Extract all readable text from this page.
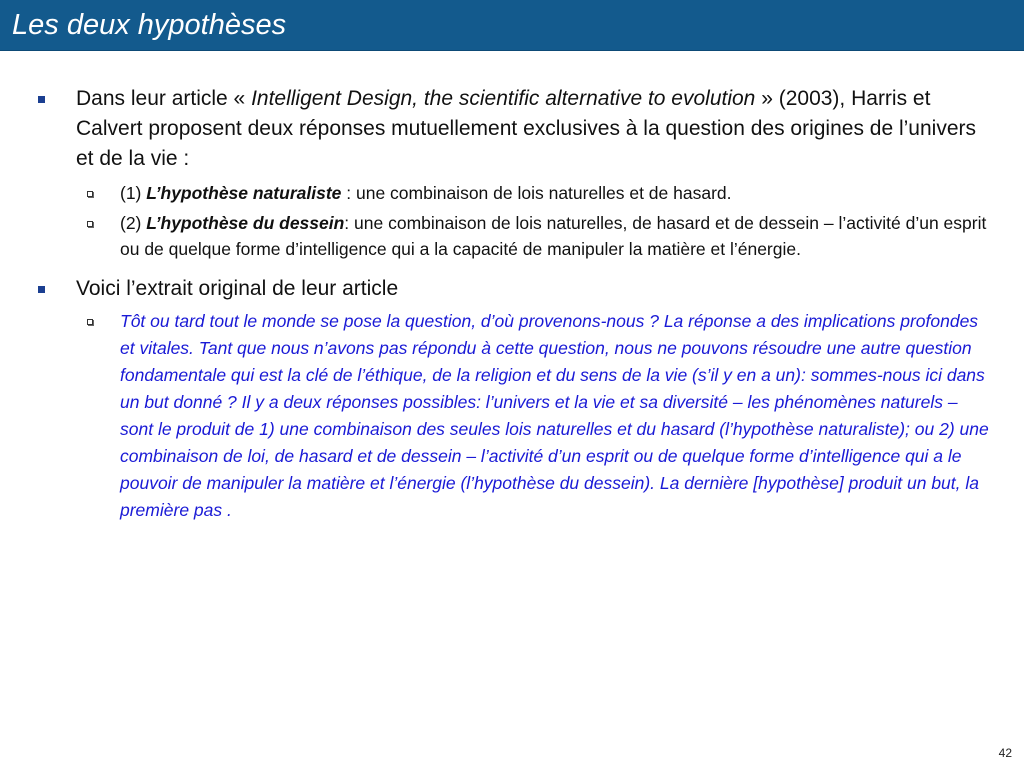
Les deux hypothèses
Dans leur article « Intelligent Design, the scientific alternative to evolution » (2003), Harris et Calvert proposent deux réponses mutuellement exclusives à la question des origines de l’univers et de la vie :
(1) L’hypothèse naturaliste : une combinaison de lois naturelles et de hasard.
(2) L’hypothèse du dessein: une combinaison de lois naturelles, de hasard et de dessein – l’activité d’un esprit ou de quelque forme d’intelligence qui a la capacité de manipuler la matière et l’énergie.
Voici l’extrait original de leur article
Tôt ou tard tout le monde se pose la question, d’où provenons-nous ? La réponse a des implications profondes et vitales. Tant que nous n’avons pas répondu à cette question, nous ne pouvons résoudre une autre question fondamentale qui est la clé de l’éthique, de la religion et du sens de la vie (s’il y en a un): sommes-nous ici dans un but donné ? Il y a deux réponses possibles: l’univers et la vie et sa diversité – les phénomènes naturels – sont le produit de 1) une combinaison des seules lois naturelles et du hasard (l’hypothèse naturaliste); ou 2) une combinaison de loi, de hasard et de dessein – l’activité d’un esprit ou de quelque forme d’intelligence qui a le pouvoir de manipuler la matière et l’énergie (l’hypothèse du dessein). La dernière [hypothèse] produit un but, la première pas .
42
